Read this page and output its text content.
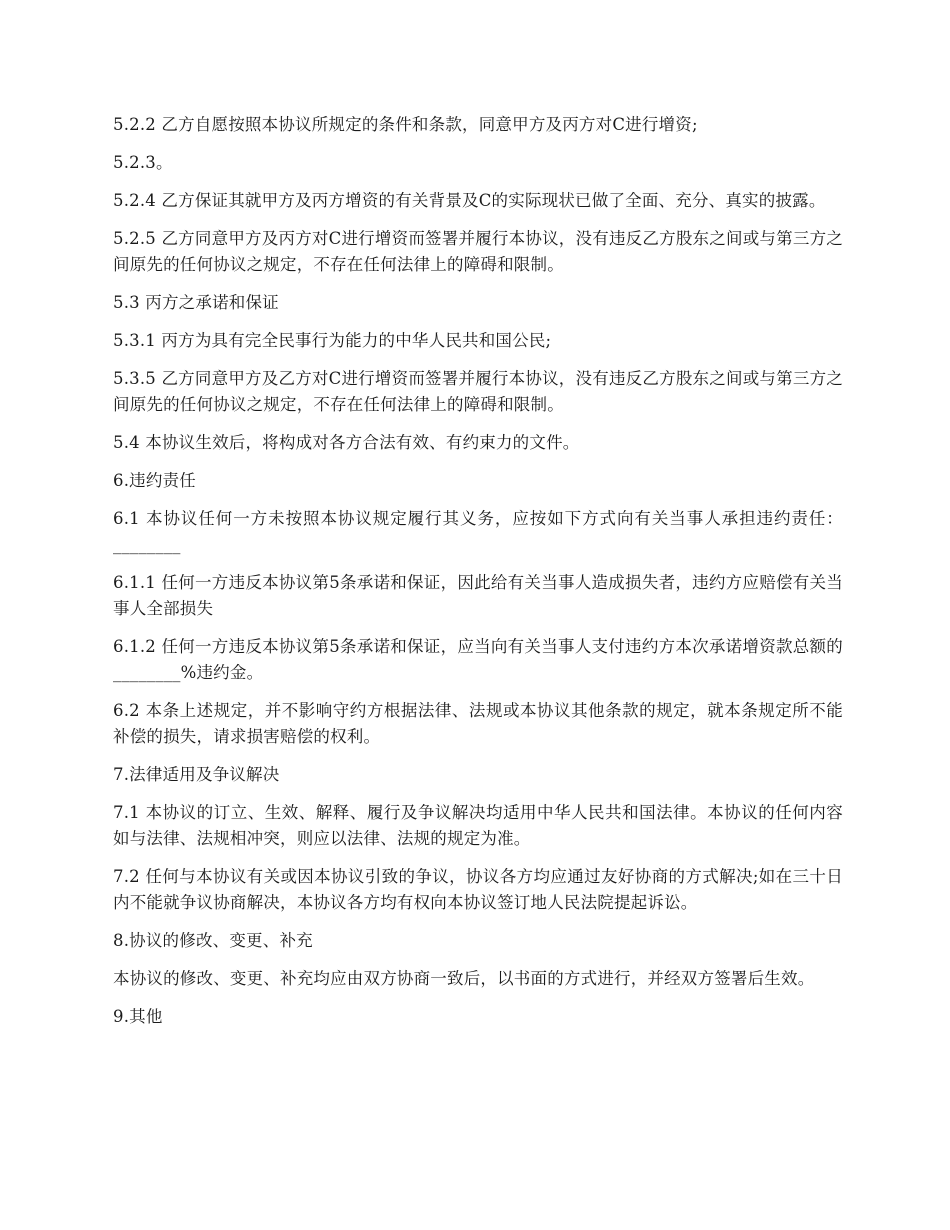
5.2.2 乙方自愿按照本协议所规定的条件和条款，同意甲方及丙方对C进行增资;

5.2.3。

5.2.4 乙方保证其就甲方及丙方增资的有关背景及C的实际现状已做了全面、充分、真实的披露。

5.2.5 乙方同意甲方及丙方对C进行增资而签署并履行本协议，没有违反乙方股东之间或与第三方之间原先的任何协议之规定，不存在任何法律上的障碍和限制。

5.3 丙方之承诺和保证

5.3.1 丙方为具有完全民事行为能力的中华人民共和国公民;

5.3.5 乙方同意甲方及乙方对C进行增资而签署并履行本协议，没有违反乙方股东之间或与第三方之间原先的任何协议之规定，不存在任何法律上的障碍和限制。

5.4 本协议生效后，将构成对各方合法有效、有约束力的文件。

6.违约责任

6.1 本协议任何一方未按照本协议规定履行其义务，应按如下方式向有关当事人承担违约责任：________

6.1.1 任何一方违反本协议第5条承诺和保证，因此给有关当事人造成损失者，违约方应赔偿有关当事人全部损失

6.1.2 任何一方违反本协议第5条承诺和保证，应当向有关当事人支付违约方本次承诺增资款总额的________%违约金。

6.2 本条上述规定，并不影响守约方根据法律、法规或本协议其他条款的规定，就本条规定所不能补偿的损失，请求损害赔偿的权利。

7.法律适用及争议解决

7.1 本协议的订立、生效、解释、履行及争议解决均适用中华人民共和国法律。本协议的任何内容如与法律、法规相冲突，则应以法律、法规的规定为准。

7.2 任何与本协议有关或因本协议引致的争议，协议各方均应通过友好协商的方式解决;如在三十日内不能就争议协商解决，本协议各方均有权向本协议签订地人民法院提起诉讼。

8.协议的修改、变更、补充

本协议的修改、变更、补充均应由双方协商一致后，以书面的方式进行，并经双方签署后生效。

9.其他
